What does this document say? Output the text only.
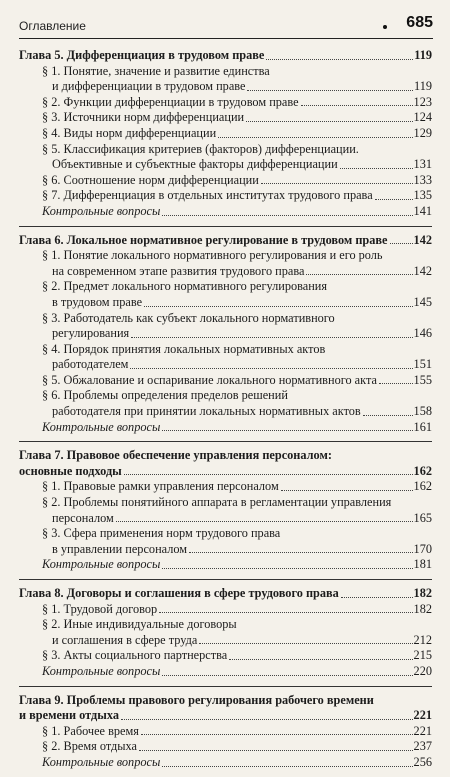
Оглавление	685
Глава 5. Дифференциация в трудовом праве	119
§ 1. Понятие, значение и развитие единства
и дифференциации в трудовом праве	119
§ 2. Функции дифференциации в трудовом праве	123
§ 3. Источники норм дифференциации	124
§ 4. Виды норм дифференциации	129
§ 5. Классификация критериев (факторов) дифференциации.
Объективные и субъектные факторы дифференциации	131
§ 6. Соотношение норм дифференциации	133
§ 7. Дифференциация в отдельных институтах трудового права	135
Контрольные вопросы	141
Глава 6. Локальное нормативное регулирование в трудовом праве 142
§ 1. Понятие локального нормативного регулирования и его роль
на современном этапе развития трудового права	142
§ 2. Предмет локального нормативного регулирования
в трудовом праве	145
§ 3. Работодатель как субъект локального нормативного
регулирования	146
§ 4. Порядок принятия локальных нормативных актов
работодателем	151
§ 5. Обжалование и оспаривание локального нормативного акта	155
§ 6. Проблемы определения пределов решений
работодателя при принятии локальных нормативных актов	158
Контрольные вопросы	161
Глава 7. Правовое обеспечение управления персоналом:
основные подходы	162
§ 1. Правовые рамки управления персоналом	162
§ 2. Проблемы понятийного аппарата в регламентации управления
персоналом	165
§ 3. Сфера применения норм трудового права
в управлении персоналом	170
Контрольные вопросы	181
Глава 8. Договоры и соглашения в сфере трудового права	182
§ 1. Трудовой договор	182
§ 2. Иные индивидуальные договоры
и соглашения в сфере труда	212
§ 3. Акты социального партнерства	215
Контрольные вопросы	220
Глава 9. Проблемы правового регулирования рабочего времени
и времени отдыха	221
§ 1. Рабочее время	221
§ 2. Время отдыха	237
Контрольные вопросы	256
